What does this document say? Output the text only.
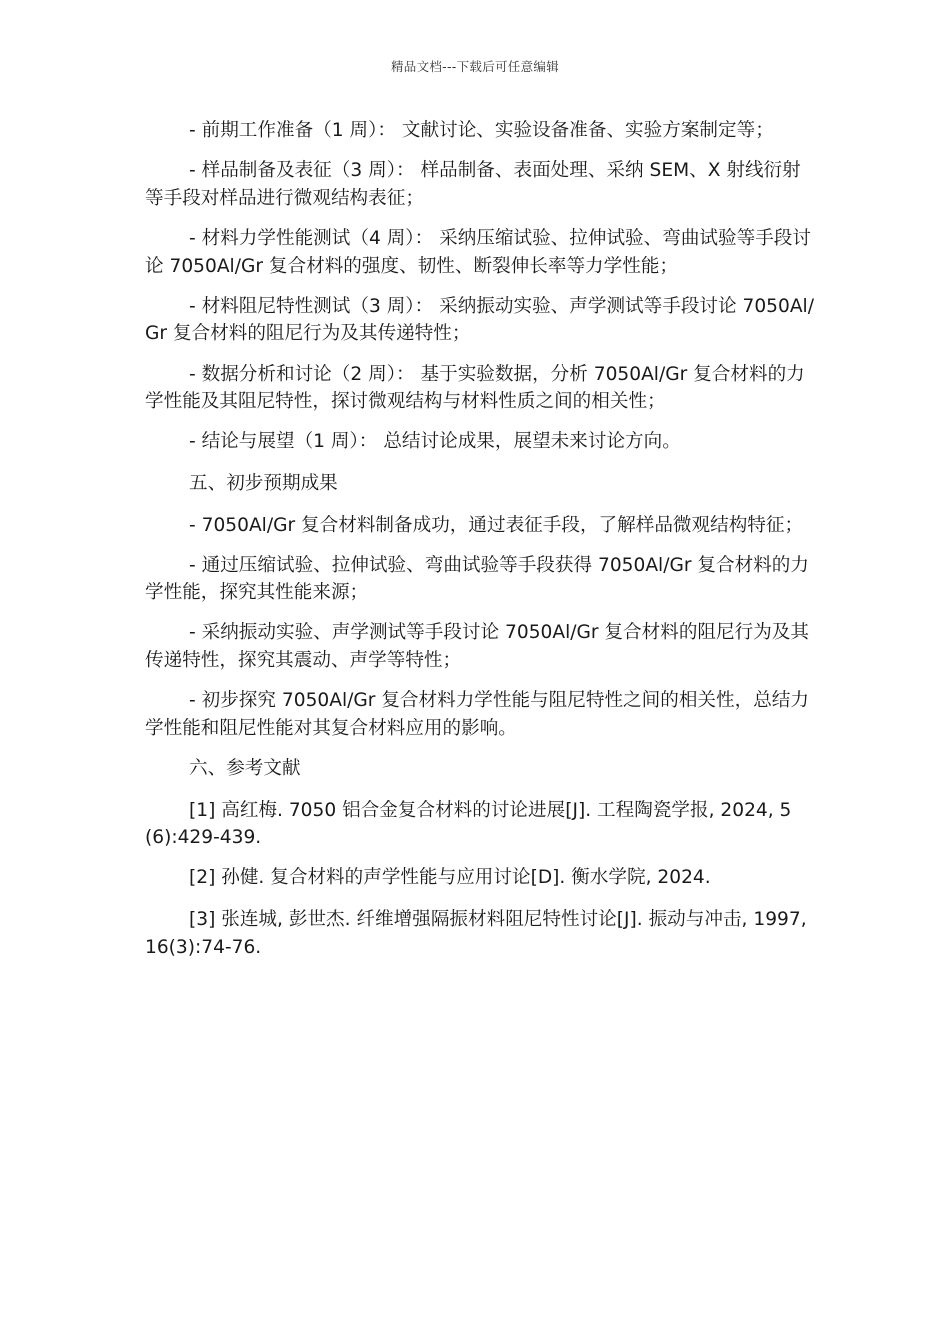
精品文档---下载后可任意编辑

- 前期工作准备（1 周）： 文献讨论、实验设备准备、实验方案制定等；

- 样品制备及表征（3 周）： 样品制备、表面处理、采纳 SEM、X 射线衍射等手段对样品进行微观结构表征；

- 材料力学性能测试（4 周）： 采纳压缩试验、拉伸试验、弯曲试验等手段讨论 7050Al/Gr 复合材料的强度、韧性、断裂伸长率等力学性能；

- 材料阻尼特性测试（3 周）： 采纳振动实验、声学测试等手段讨论 7050Al/Gr 复合材料的阻尼行为及其传递特性；

- 数据分析和讨论（2 周）： 基于实验数据，分析 7050Al/Gr 复合材料的力学性能及其阻尼特性，探讨微观结构与材料性质之间的相关性；

- 结论与展望（1 周）： 总结讨论成果，展望未来讨论方向。

五、初步预期成果

- 7050Al/Gr 复合材料制备成功，通过表征手段，了解样品微观结构特征；

- 通过压缩试验、拉伸试验、弯曲试验等手段获得 7050Al/Gr 复合材料的力学性能，探究其性能来源；

- 采纳振动实验、声学测试等手段讨论 7050Al/Gr 复合材料的阻尼行为及其传递特性，探究其震动、声学等特性；

- 初步探究 7050Al/Gr 复合材料力学性能与阻尼特性之间的相关性，总结力学性能和阻尼性能对其复合材料应用的影响。

六、参考文献

[1] 高红梅. 7050 铝合金复合材料的讨论进展[J]. 工程陶瓷学报, 2024, 5(6):429-439.

[2] 孙健. 复合材料的声学性能与应用讨论[D]. 衡水学院, 2024.

[3] 张连城, 彭世杰. 纤维增强隔振材料阻尼特性讨论[J]. 振动与冲击, 1997, 16(3):74-76.
